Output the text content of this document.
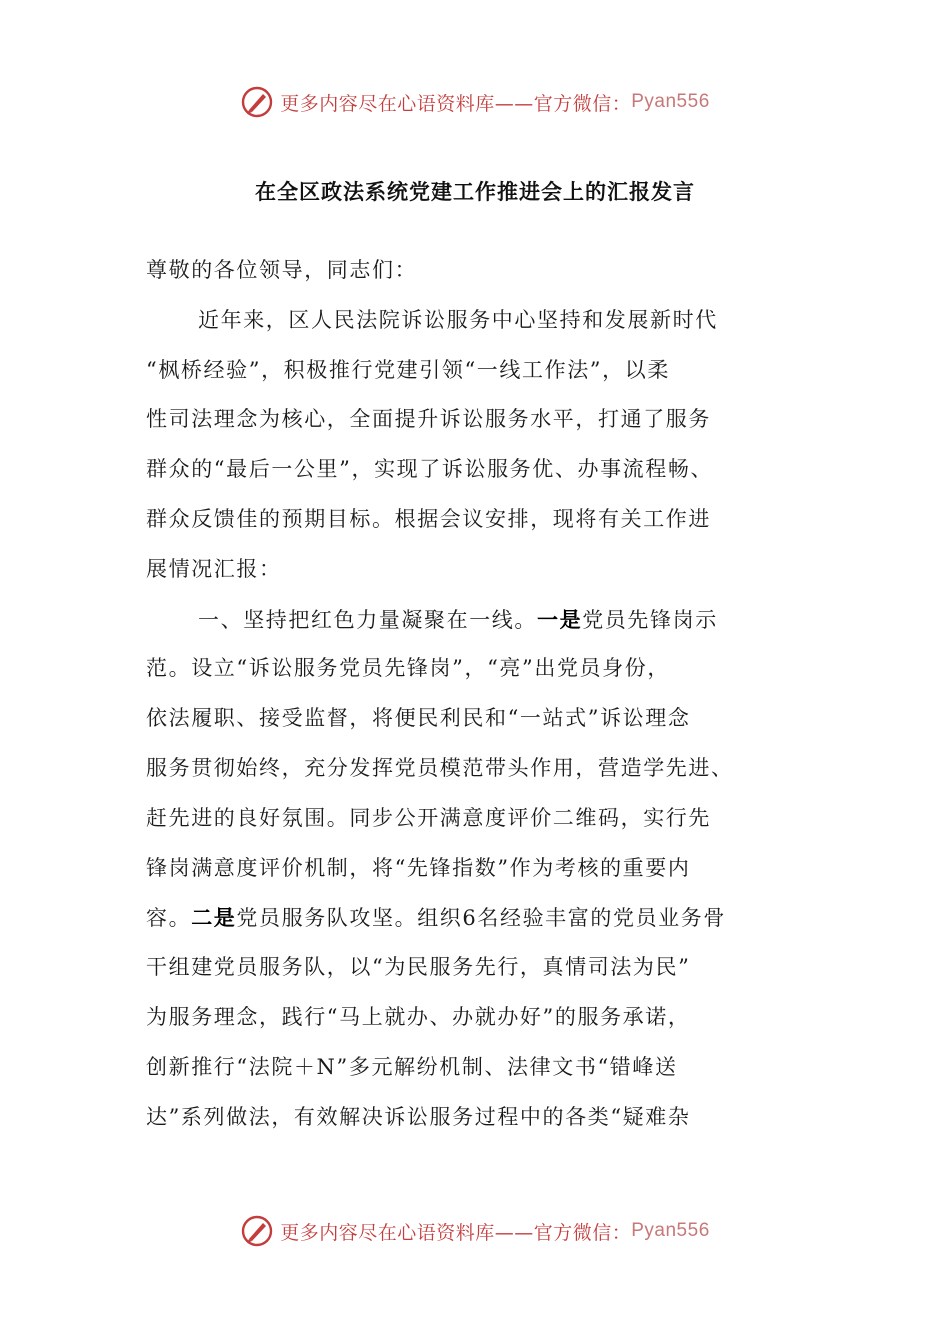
更多内容尽在心语资料库——官方微信： Pyan556
在全区政法系统党建工作推进会上的汇报发言
尊敬的各位领导，同志们：
近年来，区人民法院诉讼服务中心坚持和发展新时代
“枫桥经验”，积极推行党建引领“一线工作法”，以柔
性司法理念为核心，全面提升诉讼服务水平，打通了服务
群众的“最后一公里”，实现了诉讼服务优、办事流程畅、
群众反馈佳的预期目标。根据会议安排，现将有关工作进
展情况汇报：
一、坚持把红色力量凝聚在一线。一是党员先锋岗示
范。设立“诉讼服务党员先锋岗”，“亮”出党员身份，
依法履职、接受监督，将便民利民和“一站式”诉讼理念
服务贯彻始终，充分发挥党员模范带头作用，营造学先进、
赶先进的良好氛围。同步公开满意度评价二维码，实行先
锋岗满意度评价机制，将“先锋指数”作为考核的重要内
容。二是党员服务队攻坚。组织6名经验丰富的党员业务骨
干组建党员服务队，以“为民服务先行，真情司法为民”
为服务理念，践行“马上就办、办就办好”的服务承诺，
创新推行“法院＋N”多元解纷机制、法律文书“错峰送
达”系列做法，有效解决诉讼服务过程中的各类“疑难杂
更多内容尽在心语资料库——官方微信： Pyan556
